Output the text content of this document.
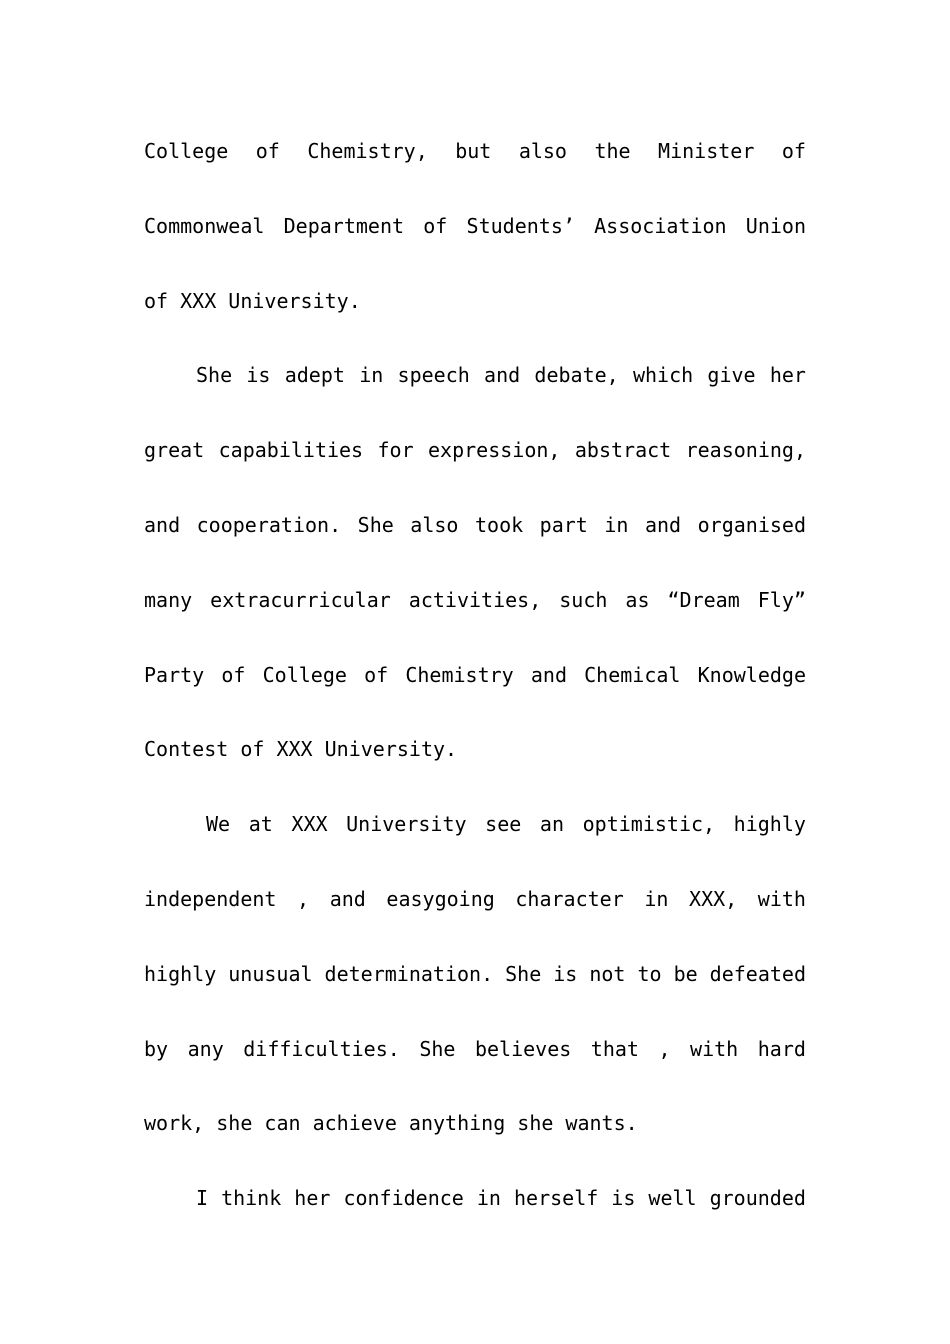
College of Chemistry, but also the Minister of
Commonweal Department of Students’ Association Union
of XXX University.
She is adept in speech and debate, which give her
great capabilities for expression, abstract reasoning,
and cooperation. She also took part in and organised
many extracurricular activities, such as “Dream Fly”
Party of College of Chemistry and Chemical Knowledge
Contest of XXX University.
We at XXX University see an optimistic, highly
independent , and easygoing character in XXX, with
highly unusual determination. She is not to be defeated
by any difficulties. She believes that , with hard
work, she can achieve anything she wants.
I think her confidence in herself is well grounded
